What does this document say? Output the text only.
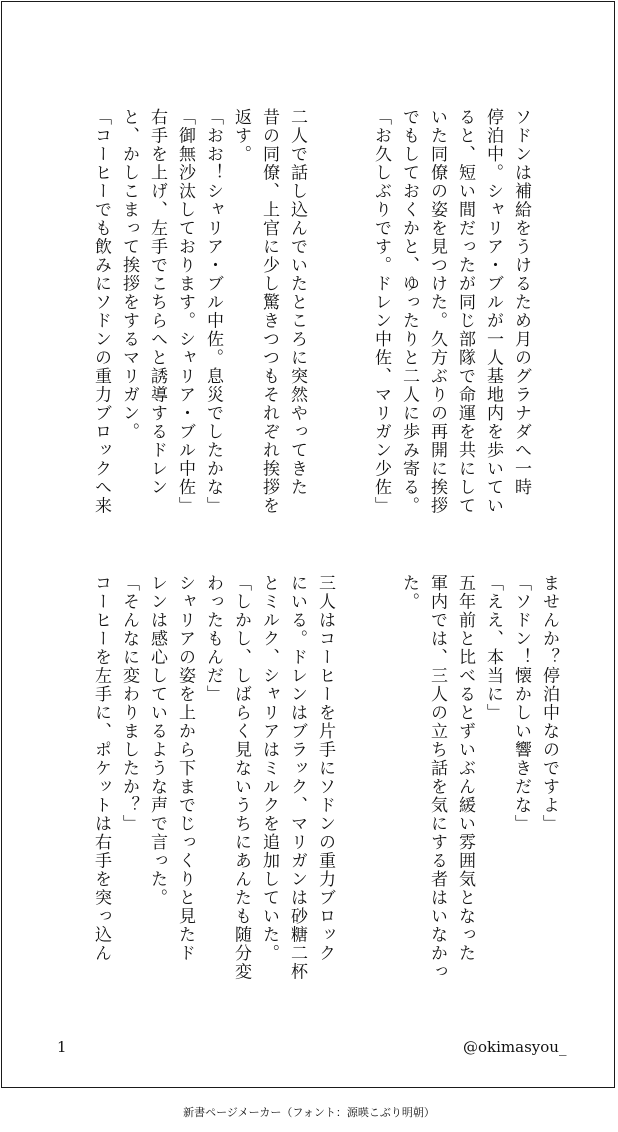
ソドンは補給をうけるため月のグラナダへ一時
停泊中。シャリア・ブルが一人基地内を歩いてい
ると、短い間だったが同じ部隊で命運を共にして
いた同僚の姿を見つけた。久方ぶりの再開に挨拶
でもしておくかと、ゆったりと二人に歩み寄る。
「お久しぶりです。ドレン中佐、マリガン少佐」
二人で話し込んでいたところに突然やってきた
昔の同僚、上官に少し驚きつつもそれぞれ挨拶を
返す。
「おお！シャリア・ブル中佐。息災でしたかな」
「御無沙汰しております。シャリア・ブル中佐」
右手を上げ、左手でこちらへと誘導するドレン
と、かしこまって挨拶をするマリガン。
「コーヒーでも飲みにソドンの重力ブロックへ来
ませんか？停泊中なのですよ」
「ソドン！懐かしい響きだな」
「ええ、本当に」
五年前と比べるとずいぶん緩い雰囲気となった
軍内では、三人の立ち話を気にする者はいなかっ
た。
三人はコーヒーを片手にソドンの重力ブロック
にいる。ドレンはブラック、マリガンは砂糖二杯
とミルク、シャリアはミルクを追加していた。
「しかし、しばらく見ないうちにあんたも随分変
わったもんだ」
シャリアの姿を上から下までじっくりと見たド
レンは感心しているような声で言った。
「そんなに変わりましたか？」
コーヒーを左手に、ポケットは右手を突っ込ん
1	@okimasyou_
新書ページメーカー（フォント：源暎こぶり明朝）
